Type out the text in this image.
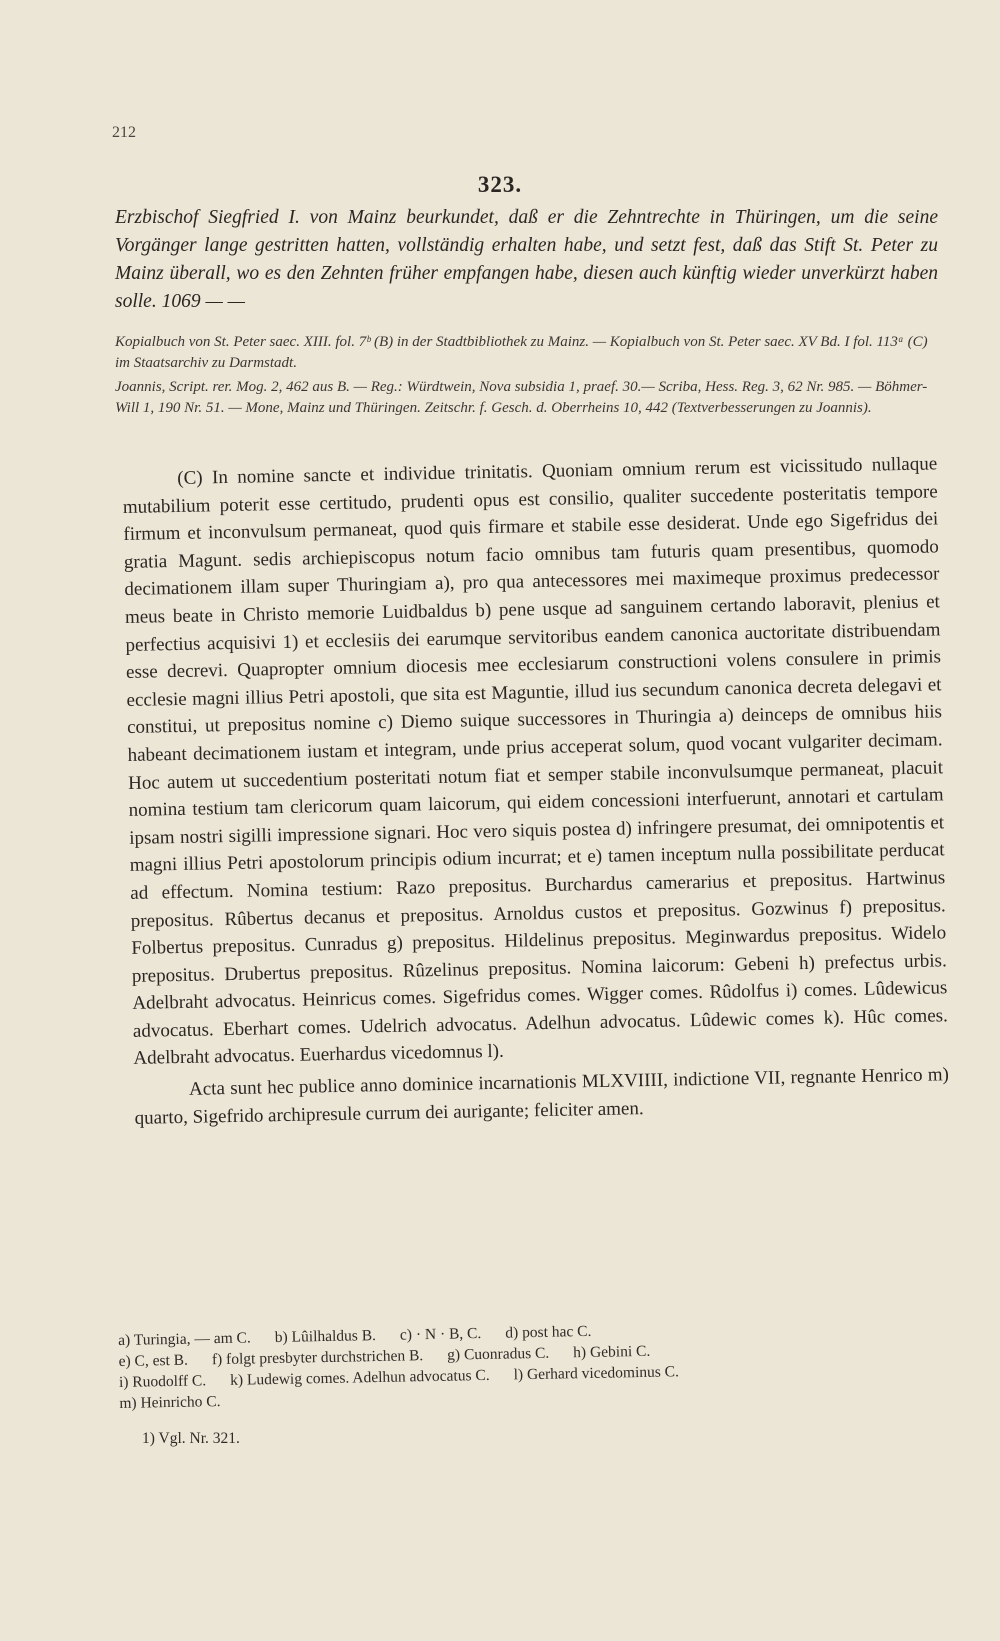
212
323.
Erzbischof Siegfried I. von Mainz beurkundet, daß er die Zehntrechte in Thüringen, um die seine Vorgänger lange gestritten hatten, vollständig erhalten habe, und setzt fest, daß das Stift St. Peter zu Mainz überall, wo es den Zehnten früher empfangen habe, diesen auch künftig wieder unverkürzt haben solle. 1069 — —

Kopialbuch von St. Peter saec. XIII. fol. 7ᵇ (B) in der Stadtbibliothek zu Mainz. — Kopialbuch von St. Peter saec. XV Bd. I fol. 113ᵃ (C) im Staatsarchiv zu Darmstadt.

Joannis, Script. rer. Mog. 2, 462 aus B. — Reg.: Würdtwein, Nova subsidia 1, praef. 30.— Scriba, Hess. Reg. 3, 62 Nr. 985. — Böhmer-Will 1, 190 Nr. 51. — Mone, Mainz und Thüringen. Zeitschr. f. Gesch. d. Oberrheins 10, 442 (Textverbesserungen zu Joannis).

(C) In nomine sancte et individue trinitatis. Quoniam omnium rerum est vicissitudo nullaque mutabilium poterit esse certitudo, prudenti opus est consilio, qualiter succedente posteritatis tempore firmum et inconvulsum permaneat, quod quis firmare et stabile esse desiderat. Unde ego Sigefridus dei gratia Magunt. sedis archiepiscopus notum facio omnibus tam futuris quam presentibus, quomodo decimationem illam super Thuringiam a), pro qua antecessores mei maximeque proximus predecessor meus beate in Christo memorie Luidbaldus b) pene usque ad sanguinem certando laboravit, plenius et perfectius acquisivi 1) et ecclesiis dei earumque servitoribus eandem canonica auctoritate distribuendam esse decrevi. Quapropter omnium diocesis mee ecclesiarum constructioni volens consulere in primis ecclesie magni illius Petri apostoli, que sita est Maguntie, illud ius secundum canonica decreta delegavi et constitui, ut prepositus nomine c) Diemo suique successores in Thuringia a) deinceps de omnibus hiis habeant decimationem iustam et integram, unde prius acceperat solum, quod vocant vulgariter decimam. Hoc autem ut succedentium posteritati notum fiat et semper stabile inconvulsumque permaneat, placuit nomina testium tam clericorum quam laicorum, qui eidem concessioni interfuerunt, annotari et cartulam ipsam nostri sigilli impressione signari. Hoc vero siquis postea d) infringere presumat, dei omnipotentis et magni illius Petri apostolorum principis odium incurrat; et e) tamen inceptum nulla possibilitate perducat ad effectum. Nomina testium: Razo prepositus. Burchardus camerarius et prepositus. Hartwinus prepositus. Rûbertus decanus et prepositus. Arnoldus custos et prepositus. Gozwinus f) prepositus. Folbertus prepositus. Cunradus g) prepositus. Hildelinus prepositus. Meginwardus prepositus. Widelo prepositus. Drubertus prepositus. Rûzelinus prepositus. Nomina laicorum: Gebeni h) prefectus urbis. Adelbraht advocatus. Heinricus comes. Sigefridus comes. Wigger comes. Rûdolfus i) comes. Lûdewicus advocatus. Eberhart comes. Udelrich advocatus. Adelhun advocatus. Lûdewic comes k). Hûc comes. Adelbraht advocatus. Euerhardus vicedomnus l).

Acta sunt hec publice anno dominice incarnationis MLXVIIII, indictione VII, regnante Henrico m) quarto, Sigefrido archipresule currum dei aurigante; feliciter amen.

a) Turingia, — am C. b) Lûilhaldus B. c) · N · B, C. d) post hac C.
e) C, est B. f) folgt presbyter durchstrichen B. g) Cuonradus C. h) Gebini C.
i) Ruodolff C. k) Ludewig comes. Adelhun advocatus C. l) Gerhard vicedominus C.
m) Heinricho C.
1) Vgl. Nr. 321.
